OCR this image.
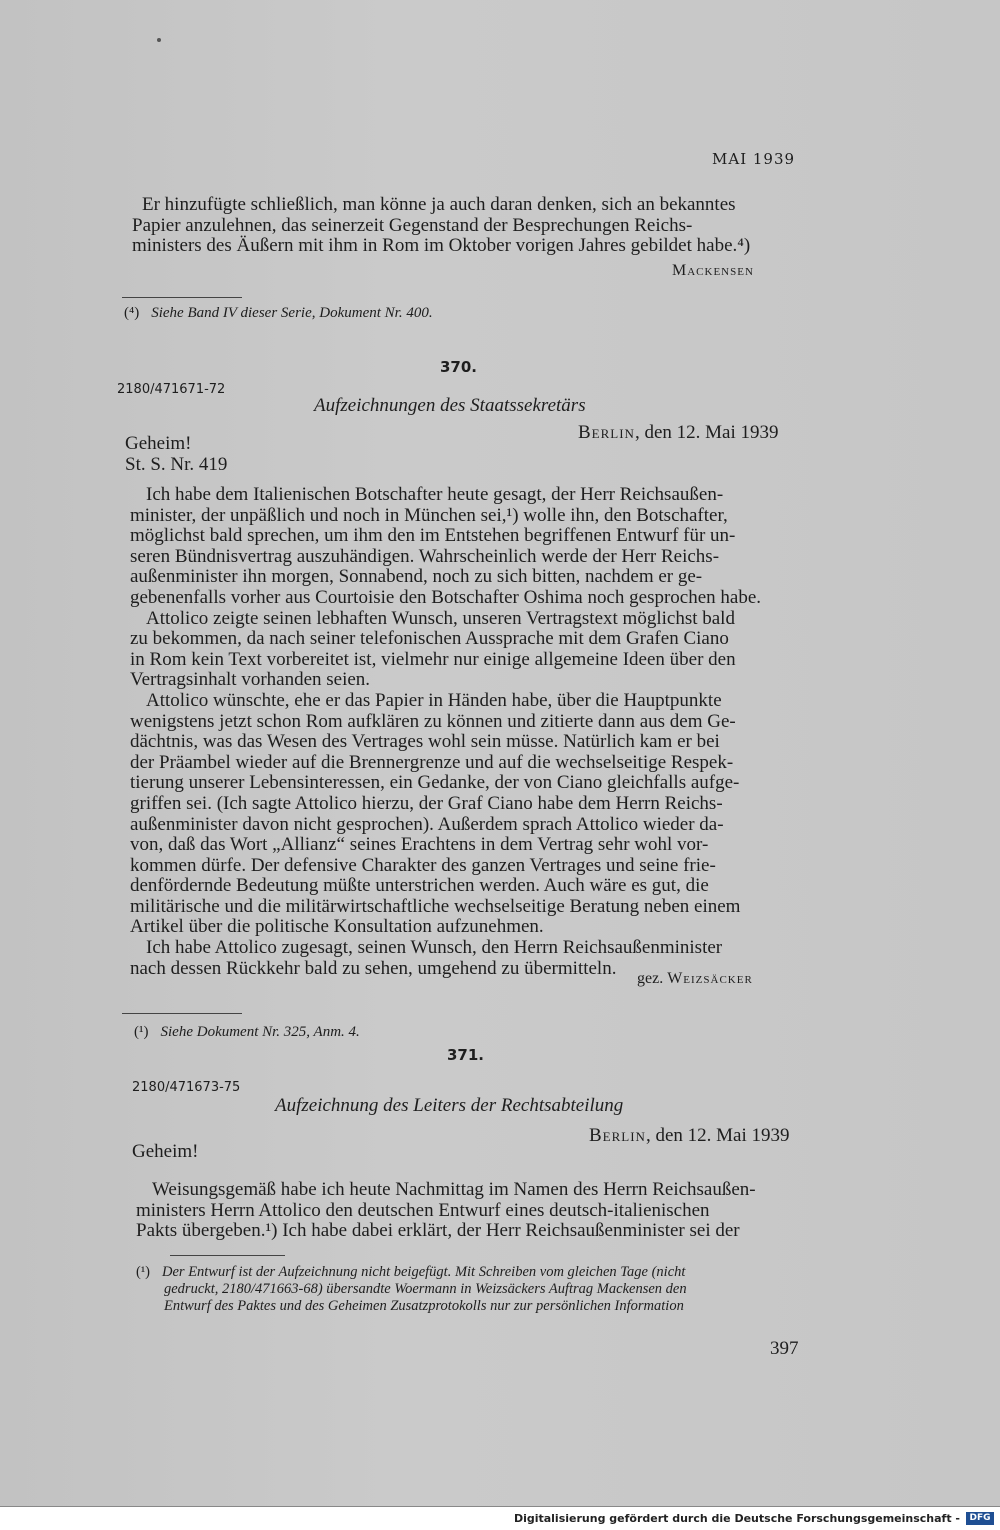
MAI 1939

Er hinzufügte schließlich, man könne ja auch daran denken, sich an bekanntes

Papier anzulehnen, das seinerzeit Gegenstand der Besprechungen Reichs-

ministers des Äußern mit ihm in Rom im Oktober vorigen Jahres gebildet habe.⁴)

Mackensen
(⁴) Siehe Band IV dieser Serie, Dokument Nr. 400.
370.
2180/471671-72
Aufzeichnungen des Staatssekretärs
Berlin, den 12. Mai 1939
Geheim!
St. S. Nr. 419

Ich habe dem Italienischen Botschafter heute gesagt, der Herr Reichsaußen-

minister, der unpäßlich und noch in München sei,¹) wolle ihn, den Botschafter,

möglichst bald sprechen, um ihm den im Entstehen begriffenen Entwurf für un-

seren Bündnisvertrag auszuhändigen. Wahrscheinlich werde der Herr Reichs-

außenminister ihn morgen, Sonnabend, noch zu sich bitten, nachdem er ge-

gebenenfalls vorher aus Courtoisie den Botschafter Oshima noch gesprochen habe.

Attolico zeigte seinen lebhaften Wunsch, unseren Vertragstext möglichst bald

zu bekommen, da nach seiner telefonischen Aussprache mit dem Grafen Ciano

in Rom kein Text vorbereitet ist, vielmehr nur einige allgemeine Ideen über den

Vertragsinhalt vorhanden seien.

Attolico wünschte, ehe er das Papier in Händen habe, über die Hauptpunkte

wenigstens jetzt schon Rom aufklären zu können und zitierte dann aus dem Ge-

dächtnis, was das Wesen des Vertrages wohl sein müsse. Natürlich kam er bei

der Präambel wieder auf die Brennergrenze und auf die wechselseitige Respek-

tierung unserer Lebensinteressen, ein Gedanke, der von Ciano gleichfalls aufge-

griffen sei. (Ich sagte Attolico hierzu, der Graf Ciano habe dem Herrn Reichs-

außenminister davon nicht gesprochen). Außerdem sprach Attolico wieder da-

von, daß das Wort „Allianz“ seines Erachtens in dem Vertrag sehr wohl vor-

kommen dürfe. Der defensive Charakter des ganzen Vertrages und seine frie-

denfördernde Bedeutung müßte unterstrichen werden. Auch wäre es gut, die

militärische und die militärwirtschaftliche wechselseitige Beratung neben einem

Artikel über die politische Konsultation aufzunehmen.

Ich habe Attolico zugesagt, seinen Wunsch, den Herrn Reichsaußenminister

nach dessen Rückkehr bald zu sehen, umgehend zu übermitteln.	gez. Weizsäcker
(¹) Siehe Dokument Nr. 325, Anm. 4.
371.
2180/471673-75
Aufzeichnung des Leiters der Rechtsabteilung
Berlin, den 12. Mai 1939
Geheim!

Weisungsgemäß habe ich heute Nachmittag im Namen des Herrn Reichsaußen-

ministers Herrn Attolico den deutschen Entwurf eines deutsch-italienischen

Pakts übergeben.¹) Ich habe dabei erklärt, der Herr Reichsaußenminister sei der

(¹) Der Entwurf ist der Aufzeichnung nicht beigefügt. Mit Schreiben vom gleichen Tage (nicht
gedruckt, 2180/471663-68) übersandte Woermann in Weizsäckers Auftrag Mackensen den
Entwurf des Paktes und des Geheimen Zusatzprotokolls nur zur persönlichen Information
397
Digitalisierung gefördert durch die Deutsche Forschungsgemeinschaft -	DFG
